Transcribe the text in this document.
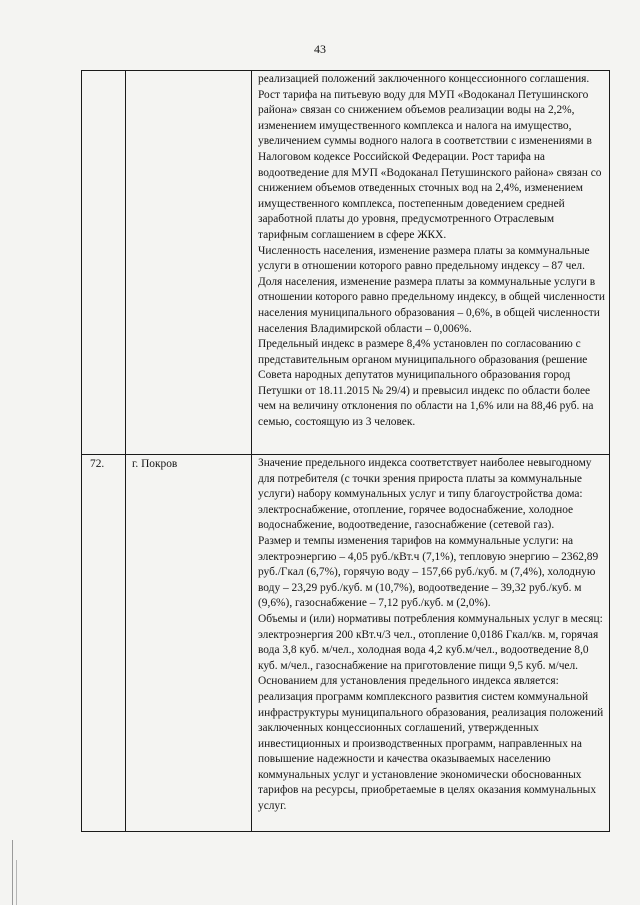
43

		реализацией положений заключенного концессионного соглашения. Рост тарифа на питьевую воду для МУП «Водоканал Петушинского района» связан со снижением объемов реализации воды на 2,2%, изменением имущественного комплекса и налога на имущество, увеличением суммы водного налога в соответствии с изменениями в Налоговом кодексе Российской Федерации. Рост тарифа на водоотведение для МУП «Водоканал Петушинского района» связан со снижением объемов отведенных сточных вод на 2,4%, изменением имущественного комплекса, постепенным доведением средней заработной платы до уровня, предусмотренного Отраслевым тарифным соглашением в сфере ЖКХ.

Численность населения, изменение размера платы за коммунальные услуги в отношении которого равно предельному индексу – 87 чел.

Доля населения, изменение размера платы за коммунальные услуги в отношении которого равно предельному индексу, в общей численности населения муниципального образования – 0,6%, в общей численности населения Владимирской области – 0,006%.

Предельный индекс в размере 8,4% установлен по согласованию с представительным органом муниципального образования (решение Совета народных депутатов муниципального образования город Петушки от 18.11.2015 № 29/4) и превысил индекс по области более чем на величину отклонения по области на 1,6% или на 88,46 руб. на семью, состоящую из 3 человек.

72.	г. Покров	Значение предельного индекса соответствует наиболее невыгодному для потребителя (с точки зрения прироста платы за коммунальные услуги) набору коммунальных услуг и типу благоустройства дома: электроснабжение, отопление, горячее водоснабжение, холодное водоснабжение, водоотведение, газоснабжение (сетевой газ).

Размер и темпы изменения тарифов на коммунальные услуги: на электроэнергию – 4,05 руб./кВт.ч (7,1%), тепловую энергию – 2362,89 руб./Гкал (6,7%), горячую воду – 157,66 руб./куб. м (7,4%), холодную воду – 23,29 руб./куб. м (10,7%), водоотведение – 39,32 руб./куб. м (9,6%), газоснабжение – 7,12 руб./куб. м (2,0%).

Объемы и (или) нормативы потребления коммунальных услуг в месяц: электроэнергия 200 кВт.ч/3 чел., отопление 0,0186 Гкал/кв. м, горячая вода 3,8 куб. м/чел., холодная вода 4,2 куб.м/чел., водоотведение 8,0 куб. м/чел., газоснабжение на приготовление пищи 9,5 куб. м/чел.

Основанием для установления предельного индекса является: реализация программ комплексного развития систем коммунальной инфраструктуры муниципального образования, реализация положений заключенных концессионных соглашений, утвержденных инвестиционных и производственных программ, направленных на повышение надежности и качества оказываемых населению коммунальных услуг и установление экономически обоснованных тарифов на ресурсы, приобретаемые в целях оказания коммунальных услуг.
